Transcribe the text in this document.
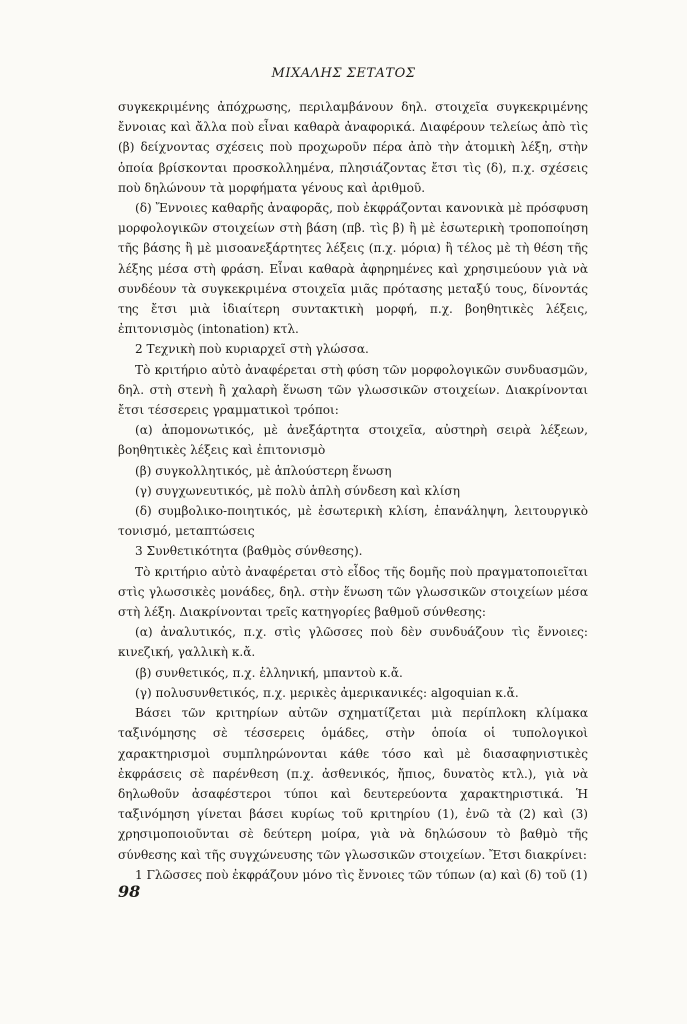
ΜΙΧΑΛΗΣ ΣΕΤΑΤΟΣ

συγκεκριμένης ἀπόχρωσης, περιλαμβάνουν δηλ. στοιχεῖα συγκεκριμένης ἔννοιας καὶ ἄλλα ποὺ εἶναι καθαρὰ ἀναφορικά. Διαφέρουν τελείως ἀπὸ τὶς (β) δείχνοντας σχέσεις ποὺ προχωροῦν πέρα ἀπὸ τὴν ἀτομικὴ λέξη, στὴν ὁποία βρίσκονται προσκολλημένα, πλησιάζοντας ἔτσι τὶς (δ), π.χ. σχέσεις ποὺ δηλώνουν τὰ μορφήματα γένους καὶ ἀριθμοῦ.

(δ) Ἔννοιες καθαρῆς ἀναφορᾶς, ποὺ ἐκφράζονται κανονικὰ μὲ πρόσφυση μορφολογικῶν στοιχείων στὴ βάση (πβ. τὶς β) ἢ μὲ ἐσωτερικὴ τροποποίηση τῆς βάσης ἢ μὲ μισοανεξάρτητες λέξεις (π.χ. μόρια) ἢ τέλος μὲ τὴ θέση τῆς λέξης μέσα στὴ φράση. Εἶναι καθαρὰ ἀφηρημένες καὶ χρησιμεύουν γιὰ νὰ συνδέουν τὰ συγκεκριμένα στοιχεῖα μιᾶς πρότασης μεταξύ τους, δίνοντάς της ἔτσι μιὰ ἰδιαίτερη συντακτικὴ μορφή, π.χ. βοηθητικὲς λέξεις, ἐπιτονισμὸς (intonation) κτλ.

2 Τεχνικὴ ποὺ κυριαρχεῖ στὴ γλώσσα.

Τὸ κριτήριο αὐτὸ ἀναφέρεται στὴ φύση τῶν μορφολογικῶν συνδυασμῶν, δηλ. στὴ στενὴ ἢ χαλαρὴ ἕνωση τῶν γλωσσικῶν στοιχείων. Διακρίνονται ἔτσι τέσσερεις γραμματικοὶ τρόποι:

(α) ἀπομονωτικός, μὲ ἀνεξάρτητα στοιχεῖα, αὐστηρὴ σειρὰ λέξεων, βοηθητικὲς λέξεις καὶ ἐπιτονισμὸ

(β) συγκολλητικός, μὲ ἁπλούστερη ἕνωση

(γ) συγχωνευτικός, μὲ πολὺ ἁπλὴ σύνδεση καὶ κλίση

(δ) συμβολικο-ποιητικός, μὲ ἐσωτερικὴ κλίση, ἐπανάληψη, λειτουργικὸ τονισμό, μεταπτώσεις

3 Συνθετικότητα (βαθμὸς σύνθεσης).

Τὸ κριτήριο αὐτὸ ἀναφέρεται στὸ εἶδος τῆς δομῆς ποὺ πραγματοποιεῖται στὶς γλωσσικὲς μονάδες, δηλ. στὴν ἕνωση τῶν γλωσσικῶν στοιχείων μέσα στὴ λέξη. Διακρίνονται τρεῖς κατηγορίες βαθμοῦ σύνθεσης:

(α) ἀναλυτικός, π.χ. στὶς γλῶσσες ποὺ δὲν συνδυάζουν τὶς ἔννοιες: κινεζική, γαλλικὴ κ.ἄ.

(β) συνθετικός, π.χ. ἑλληνική, μπαντοὺ κ.ἄ.

(γ) πολυσυνθετικός, π.χ. μερικὲς ἀμερικανικές: algoquian κ.ἄ.

Βάσει τῶν κριτηρίων αὐτῶν σχηματίζεται μιὰ περίπλοκη κλίμακα ταξινόμησης σὲ τέσσερεις ὁμάδες, στὴν ὁποία οἱ τυπολογικοὶ χαρακτηρισμοὶ συμπληρώνονται κάθε τόσο καὶ μὲ διασαφηνιστικὲς ἐκφράσεις σὲ παρένθεση (π.χ. ἀσθενικός, ἤπιος, δυνατὸς κτλ.), γιὰ νὰ δηλωθοῦν ἀσαφέστεροι τύποι καὶ δευτερεύοντα χαρακτηριστικά. Ἡ ταξινόμηση γίνεται βάσει κυρίως τοῦ κριτηρίου (1), ἐνῶ τὰ (2) καὶ (3) χρησιμοποιοῦνται σὲ δεύτερη μοίρα, γιὰ νὰ δηλώσουν τὸ βαθμὸ τῆς σύνθεσης καὶ τῆς συγχώνευσης τῶν γλωσσικῶν στοιχείων. Ἔτσι διακρίνει:

1 Γλῶσσες ποὺ ἐκφράζουν μόνο τὶς ἔννοιες τῶν τύπων (α) καὶ (δ) τοῦ (1)

98
